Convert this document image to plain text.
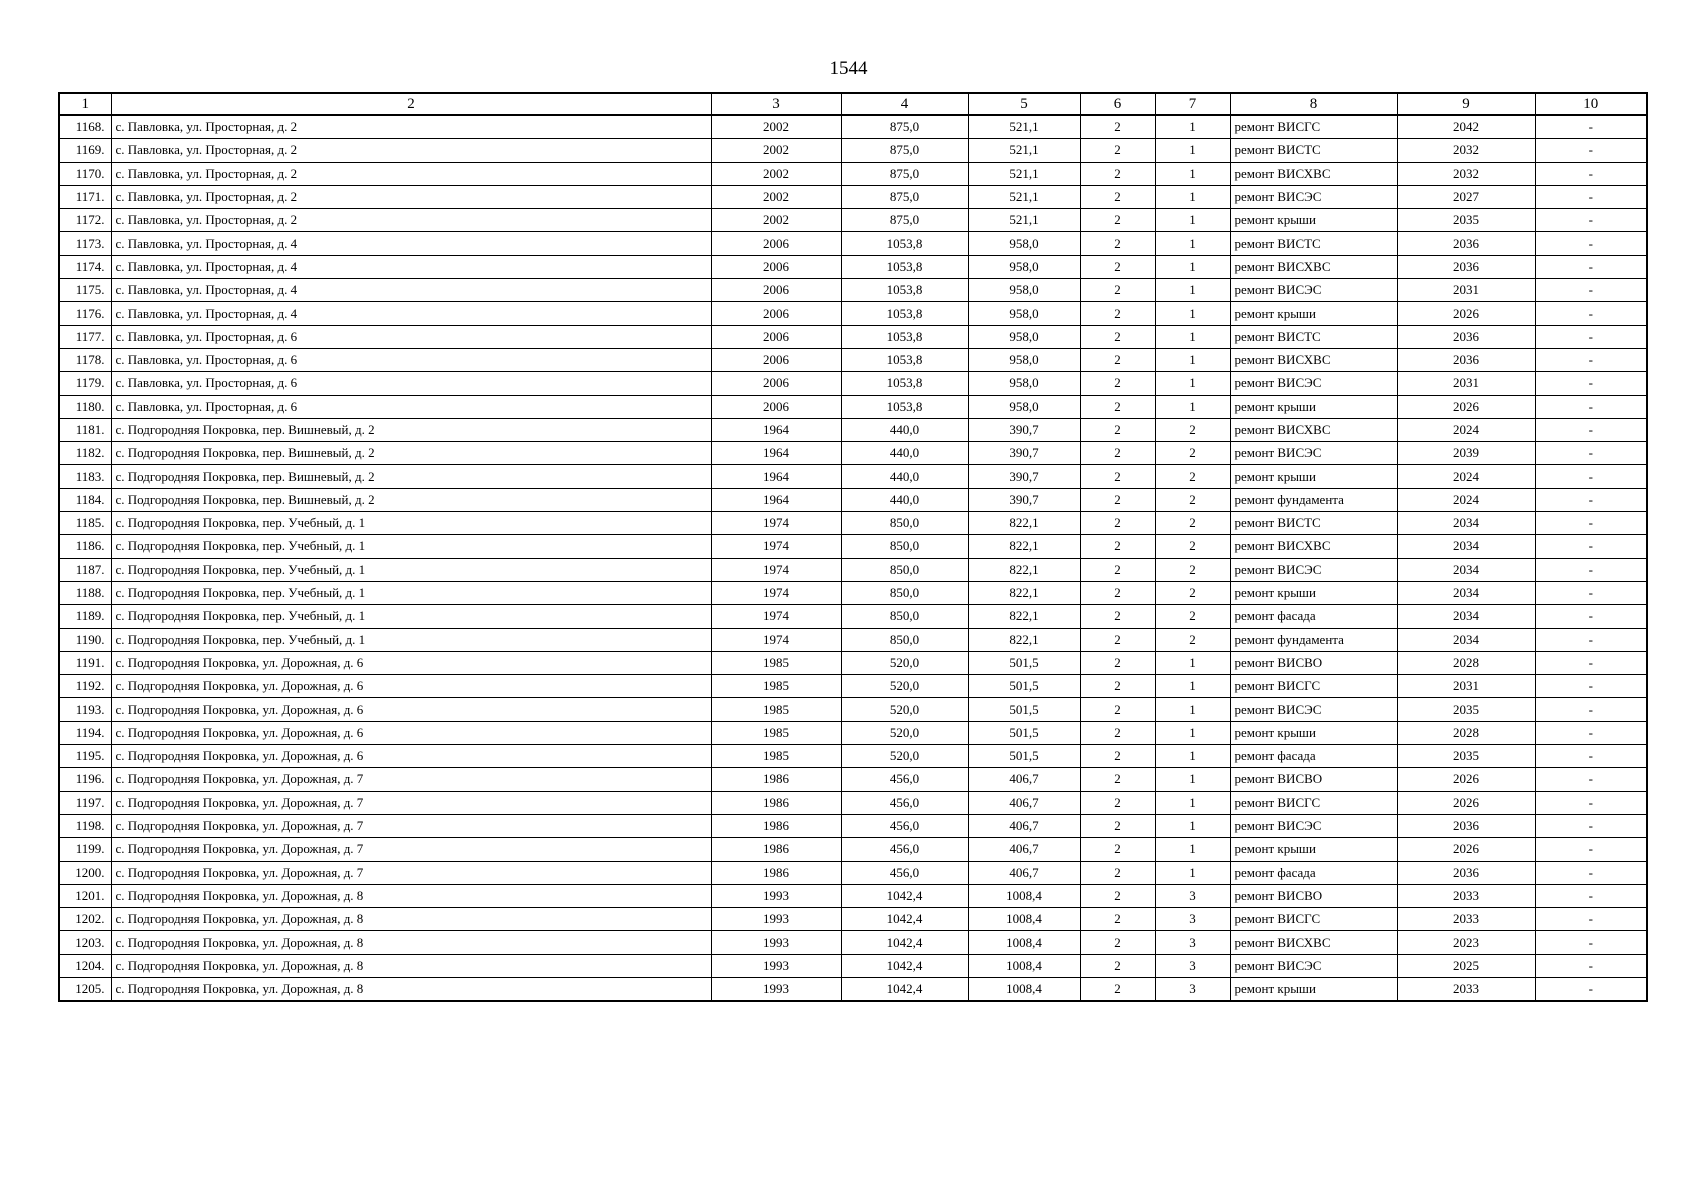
1544
1	2	3	4	5	6	7	8	9	10
1168.	с. Павловка, ул. Просторная, д. 2	2002	875,0	521,1	2	1	ремонт ВИСГС	2042	-
1169.	с. Павловка, ул. Просторная, д. 2	2002	875,0	521,1	2	1	ремонт ВИСТС	2032	-
1170.	с. Павловка, ул. Просторная, д. 2	2002	875,0	521,1	2	1	ремонт ВИСХВС	2032	-
1171.	с. Павловка, ул. Просторная, д. 2	2002	875,0	521,1	2	1	ремонт ВИСЭС	2027	-
1172.	с. Павловка, ул. Просторная, д. 2	2002	875,0	521,1	2	1	ремонт крыши	2035	-
1173.	с. Павловка, ул. Просторная, д. 4	2006	1053,8	958,0	2	1	ремонт ВИСТС	2036	-
1174.	с. Павловка, ул. Просторная, д. 4	2006	1053,8	958,0	2	1	ремонт ВИСХВС	2036	-
1175.	с. Павловка, ул. Просторная, д. 4	2006	1053,8	958,0	2	1	ремонт ВИСЭС	2031	-
1176.	с. Павловка, ул. Просторная, д. 4	2006	1053,8	958,0	2	1	ремонт крыши	2026	-
1177.	с. Павловка, ул. Просторная, д. 6	2006	1053,8	958,0	2	1	ремонт ВИСТС	2036	-
1178.	с. Павловка, ул. Просторная, д. 6	2006	1053,8	958,0	2	1	ремонт ВИСХВС	2036	-
1179.	с. Павловка, ул. Просторная, д. 6	2006	1053,8	958,0	2	1	ремонт ВИСЭС	2031	-
1180.	с. Павловка, ул. Просторная, д. 6	2006	1053,8	958,0	2	1	ремонт крыши	2026	-
1181.	с. Подгородняя Покровка, пер. Вишневый, д. 2	1964	440,0	390,7	2	2	ремонт ВИСХВС	2024	-
1182.	с. Подгородняя Покровка, пер. Вишневый, д. 2	1964	440,0	390,7	2	2	ремонт ВИСЭС	2039	-
1183.	с. Подгородняя Покровка, пер. Вишневый, д. 2	1964	440,0	390,7	2	2	ремонт крыши	2024	-
1184.	с. Подгородняя Покровка, пер. Вишневый, д. 2	1964	440,0	390,7	2	2	ремонт фундамента	2024	-
1185.	с. Подгородняя Покровка, пер. Учебный, д. 1	1974	850,0	822,1	2	2	ремонт ВИСТС	2034	-
1186.	с. Подгородняя Покровка, пер. Учебный, д. 1	1974	850,0	822,1	2	2	ремонт ВИСХВС	2034	-
1187.	с. Подгородняя Покровка, пер. Учебный, д. 1	1974	850,0	822,1	2	2	ремонт ВИСЭС	2034	-
1188.	с. Подгородняя Покровка, пер. Учебный, д. 1	1974	850,0	822,1	2	2	ремонт крыши	2034	-
1189.	с. Подгородняя Покровка, пер. Учебный, д. 1	1974	850,0	822,1	2	2	ремонт фасада	2034	-
1190.	с. Подгородняя Покровка, пер. Учебный, д. 1	1974	850,0	822,1	2	2	ремонт фундамента	2034	-
1191.	с. Подгородняя Покровка, ул. Дорожная, д. 6	1985	520,0	501,5	2	1	ремонт ВИСВО	2028	-
1192.	с. Подгородняя Покровка, ул. Дорожная, д. 6	1985	520,0	501,5	2	1	ремонт ВИСГС	2031	-
1193.	с. Подгородняя Покровка, ул. Дорожная, д. 6	1985	520,0	501,5	2	1	ремонт ВИСЭС	2035	-
1194.	с. Подгородняя Покровка, ул. Дорожная, д. 6	1985	520,0	501,5	2	1	ремонт крыши	2028	-
1195.	с. Подгородняя Покровка, ул. Дорожная, д. 6	1985	520,0	501,5	2	1	ремонт фасада	2035	-
1196.	с. Подгородняя Покровка, ул. Дорожная, д. 7	1986	456,0	406,7	2	1	ремонт ВИСВО	2026	-
1197.	с. Подгородняя Покровка, ул. Дорожная, д. 7	1986	456,0	406,7	2	1	ремонт ВИСГС	2026	-
1198.	с. Подгородняя Покровка, ул. Дорожная, д. 7	1986	456,0	406,7	2	1	ремонт ВИСЭС	2036	-
1199.	с. Подгородняя Покровка, ул. Дорожная, д. 7	1986	456,0	406,7	2	1	ремонт крыши	2026	-
1200.	с. Подгородняя Покровка, ул. Дорожная, д. 7	1986	456,0	406,7	2	1	ремонт фасада	2036	-
1201.	с. Подгородняя Покровка, ул. Дорожная, д. 8	1993	1042,4	1008,4	2	3	ремонт ВИСВО	2033	-
1202.	с. Подгородняя Покровка, ул. Дорожная, д. 8	1993	1042,4	1008,4	2	3	ремонт ВИСГС	2033	-
1203.	с. Подгородняя Покровка, ул. Дорожная, д. 8	1993	1042,4	1008,4	2	3	ремонт ВИСХВС	2023	-
1204.	с. Подгородняя Покровка, ул. Дорожная, д. 8	1993	1042,4	1008,4	2	3	ремонт ВИСЭС	2025	-
1205.	с. Подгородняя Покровка, ул. Дорожная, д. 8	1993	1042,4	1008,4	2	3	ремонт крыши	2033	-
